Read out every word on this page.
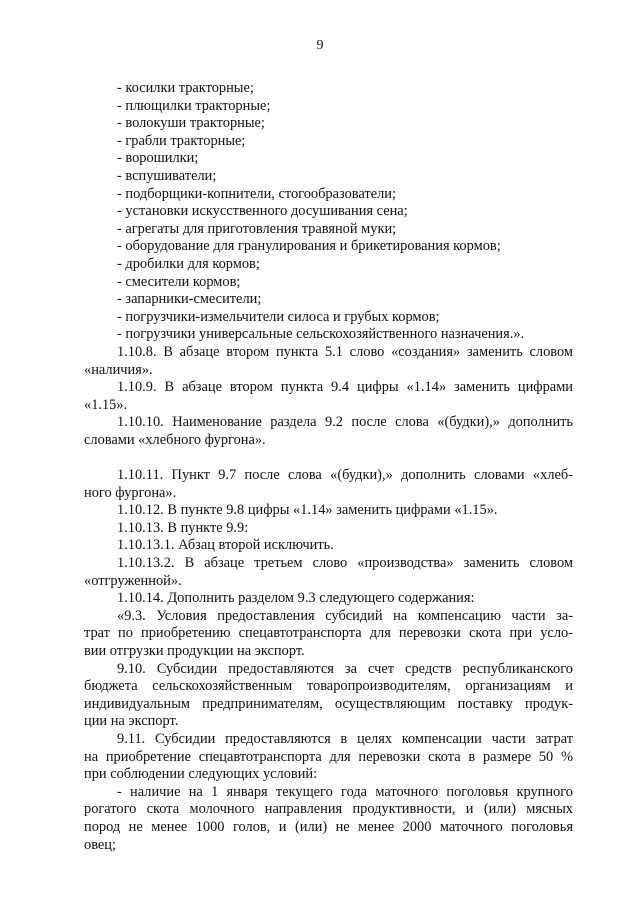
9
- косилки тракторные;
- плющилки тракторные;
- волокуши тракторные;
- грабли тракторные;
- ворошилки;
- вспушиватели;
- подборщики-копнители, стогообразователи;
- установки искусственного досушивания сена;
- агрегаты для приготовления травяной муки;
- оборудование для гранулирования и брикетирования кормов;
- дробилки для кормов;
- смесители кормов;
- запарники-смесители;
- погрузчики-измельчители силоса и грубых кормов;
- погрузчики универсальные сельскохозяйственного назначения.».
1.10.8. В абзаце втором пункта 5.1 слово «создания» заменить словом
«наличия».
1.10.9. В абзаце втором пункта 9.4 цифры «1.14» заменить цифрами
«1.15».
1.10.10. Наименование раздела 9.2 после слова «(будки),» дополнить
словами «хлебного фургона».
1.10.11. Пункт 9.7 после слова «(будки),» дополнить словами «хлеб-
ного фургона».
1.10.12. В пункте 9.8 цифры «1.14» заменить цифрами «1.15».
1.10.13. В пункте 9.9:
1.10.13.1. Абзац второй исключить.
1.10.13.2. В абзаце третьем слово «производства» заменить словом
«отгруженной».
1.10.14. Дополнить разделом 9.3 следующего содержания:
«9.3. Условия предоставления субсидий на компенсацию части за-
трат по приобретению спецавтотранспорта для перевозки скота при усло-
вии отгрузки продукции на экспорт.
9.10. Субсидии предоставляются за счет средств республиканского
бюджета сельскохозяйственным товаропроизводителям, организациям и
индивидуальным предпринимателям, осуществляющим поставку продук-
ции на экспорт.
9.11. Субсидии предоставляются в целях компенсации части затрат
на приобретение спецавтотранспорта для перевозки скота в размере 50 %
при соблюдении следующих условий:
- наличие на 1 января текущего года маточного поголовья крупного
рогатого скота молочного направления продуктивности, и (или) мясных
пород не менее 1000 голов, и (или) не менее 2000 маточного поголовья
овец;
